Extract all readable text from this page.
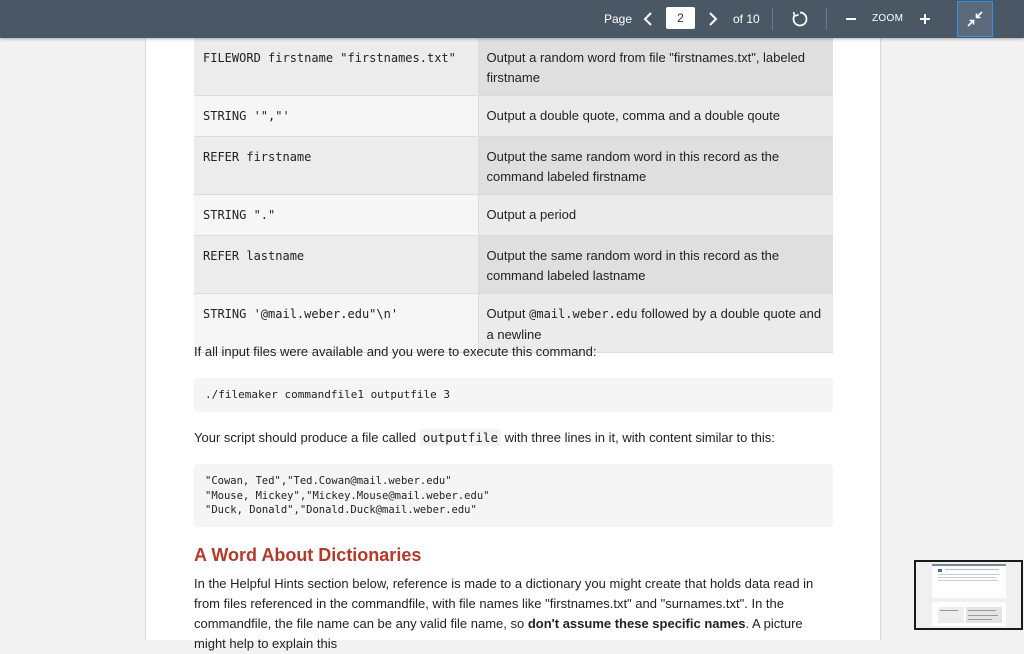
Page
2	of 10	ZOOM
FILEWORD firstname "firstnames.txt"	Output a random word from file "firstnames.txt", labeled firstname
STRING '","'	Output a double quote, comma and a double qoute
REFER firstname	Output the same random word in this record as the command labeled firstname
STRING "."	Output a period
REFER lastname	Output the same random word in this record as the command labeled lastname
STRING '@mail.weber.edu"\n'	Output @mail.weber.edu followed by a double quote and a newline

If all input files were available and you were to execute this command:

./filemaker commandfile1 outputfile 3

Your script should produce a file called outputfile with three lines in it, with content similar to this:

"Cowan, Ted","Ted.Cowan@mail.weber.edu"
"Mouse, Mickey","Mickey.Mouse@mail.weber.edu"
"Duck, Donald","Donald.Duck@mail.weber.edu"
A Word About Dictionaries

In the Helpful Hints section below, reference is made to a dictionary you might create that holds data read in from files referenced in the commandfile, with file names like "firstnames.txt" and "surnames.txt". In the commandfile, the file name can be any valid file name, so don't assume these specific names. A picture might help to explain this
